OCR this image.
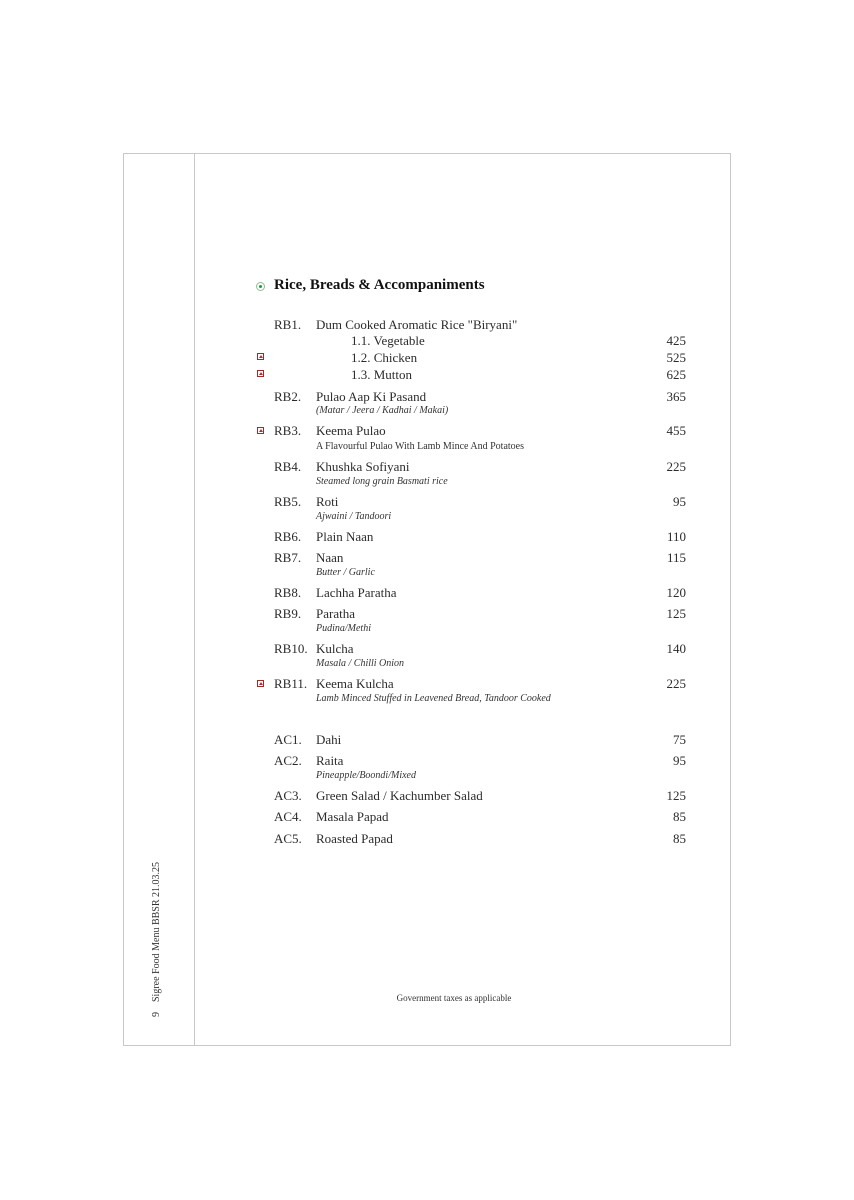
9    Sigree Food Menu BBSR 21.03.25
Rice, Breads & Accompaniments
RB1. Dum Cooked Aromatic Rice "Biryani"
1.1. Vegetable	425
1.2. Chicken	525
1.3. Mutton	625
RB2. Pulao Aap Ki Pasand	365
(Matar / Jeera / Kadhai / Makai)
RB3. Keema Pulao	455
A Flavourful Pulao With Lamb Mince And Potatoes
RB4. Khushka Sofiyani	225
Steamed long grain Basmati rice
RB5. Roti	95
Ajwaini / Tandoori
RB6. Plain Naan	110
RB7. Naan	115
Butter / Garlic
RB8. Lachha Paratha	120
RB9. Paratha	125
Pudina/Methi
RB10. Kulcha	140
Masala / Chilli Onion
RB11. Keema Kulcha	225
Lamb Minced Stuffed in Leavened Bread, Tandoor Cooked
AC1. Dahi	75
AC2. Raita	95
Pineapple/Boondi/Mixed
AC3. Green Salad / Kachumber Salad	125
AC4. Masala Papad	85
AC5. Roasted Papad	85
Government taxes as applicable
